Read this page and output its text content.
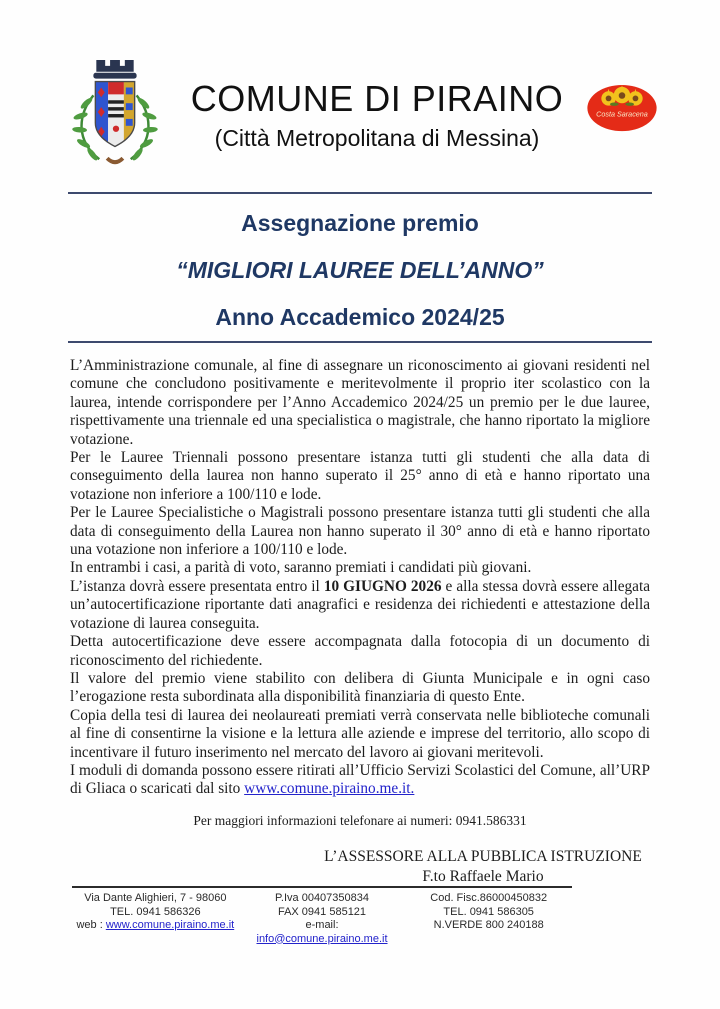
COMUNE DI PIRAINO
(Città Metropolitana di Messina)
Costa Saracena
Assegnazione premio
“MIGLIORI LAUREE DELL’ANNO”
Anno Accademico 2024/25

L’Amministrazione comunale, al fine di assegnare un riconoscimento ai giovani residenti nel comune che concludono positivamente e meritevolmente il proprio iter scolastico con la laurea, intende corrispondere per l’Anno Accademico 2024/25 un premio per le due lauree, rispettivamente una triennale ed una specialistica o magistrale, che hanno riportato la migliore votazione.

Per le Lauree Triennali possono presentare istanza tutti gli studenti che alla data di conseguimento della laurea non hanno superato il 25° anno di età e hanno riportato una votazione non inferiore a 100/110 e lode.

Per le Lauree Specialistiche o Magistrali possono presentare istanza tutti gli studenti che alla data di conseguimento della Laurea non hanno superato il 30° anno di età e hanno riportato una votazione non inferiore a 100/110 e lode.

In entrambi i casi, a parità di voto, saranno premiati i candidati più giovani.

L’istanza dovrà essere presentata entro il 10 GIUGNO 2026 e alla stessa dovrà essere allegata un’autocertificazione riportante dati anagrafici e residenza dei richiedenti e attestazione della votazione di laurea conseguita.

Detta autocertificazione deve essere accompagnata dalla fotocopia di un documento di riconoscimento del richiedente.

Il valore del premio viene stabilito con delibera di Giunta Municipale e in ogni caso l’erogazione resta subordinata alla disponibilità finanziaria di questo Ente.

Copia della tesi di laurea dei neolaureati premiati verrà conservata nelle biblioteche comunali al fine di consentirne la visione e la lettura alle aziende e imprese del territorio, allo scopo di incentivare il futuro inserimento nel mercato del lavoro ai giovani meritevoli.

I moduli di domanda possono essere ritirati all’Ufficio Servizi Scolastici del Comune, all’URP di Gliaca o scaricati dal sito www.comune.piraino.me.it.

Per maggiori informazioni telefonare ai numeri: 0941.586331

L’ASSESSORE ALLA PUBBLICA ISTRUZIONE
F.to Raffaele Mario
Via Dante Alighieri, 7 - 98060
TEL. 0941 586326
web : www.comune.piraino.me.it
P.Iva 00407350834
FAX 0941 585121
e-mail: info@comune.piraino.me.it
Cod. Fisc.86000450832
TEL. 0941 586305
N.VERDE 800 240188
